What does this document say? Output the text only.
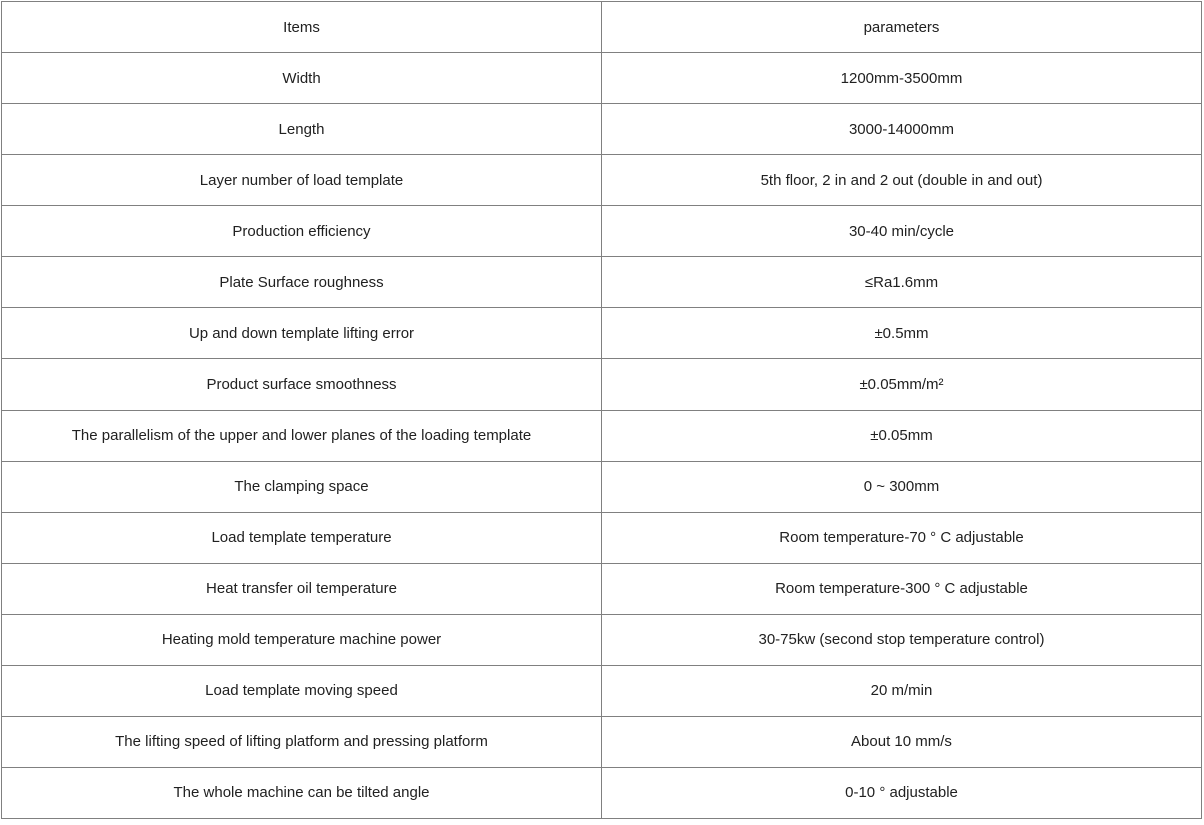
Items	parameters
Width	1200mm-3500mm
Length	3000-14000mm
Layer number of load template	5th floor, 2 in and 2 out (double in and out)
Production efficiency	30-40 min/cycle
Plate Surface roughness	≤Ra1.6mm
Up and down template lifting error	±0.5mm
Product surface smoothness	±0.05mm/m²
The parallelism of the upper and lower planes of the loading template	±0.05mm
The clamping space	0 ~ 300mm
Load template temperature	Room temperature-70 ° C adjustable
Heat transfer oil temperature	Room temperature-300 ° C adjustable
Heating mold temperature machine power	30-75kw (second stop temperature control)
Load template moving speed	20 m/min
The lifting speed of lifting platform and pressing platform	About 10 mm/s
The whole machine can be tilted angle	0-10 ° adjustable
